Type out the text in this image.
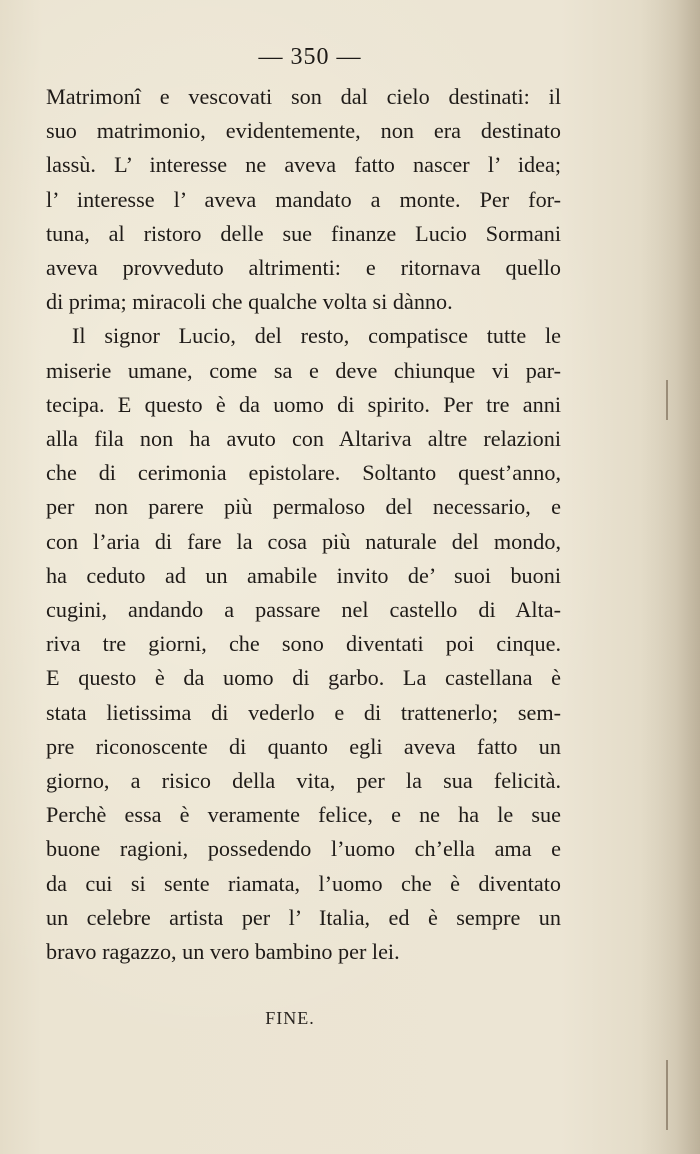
— 350 —
Matrimonî e vescovati son dal cielo destinati: il
suo matrimonio, evidentemente, non era destinato
lassù. L’ interesse ne aveva fatto nascer l’ idea;
l’ interesse l’ aveva mandato a monte. Per for-
tuna, al ristoro delle sue finanze Lucio Sormani
aveva provveduto altrimenti: e ritornava quello
di prima; miracoli che qualche volta si dànno.
Il signor Lucio, del resto, compatisce tutte le
miserie umane, come sa e deve chiunque vi par-
tecipa. E questo è da uomo di spirito. Per tre anni
alla fila non ha avuto con Altariva altre relazioni
che di cerimonia epistolare. Soltanto quest’anno,
per non parere più permaloso del necessario, e
con l’aria di fare la cosa più naturale del mondo,
ha ceduto ad un amabile invito de’ suoi buoni
cugini, andando a passare nel castello di Alta-
riva tre giorni, che sono diventati poi cinque.
E questo è da uomo di garbo. La castellana è
stata lietissima di vederlo e di trattenerlo; sem-
pre riconoscente di quanto egli aveva fatto un
giorno, a risico della vita, per la sua felicità.
Perchè essa è veramente felice, e ne ha le sue
buone ragioni, possedendo l’uomo ch’ella ama e
da cui si sente riamata, l’uomo che è diventato
un celebre artista per l’ Italia, ed è sempre un
bravo ragazzo, un vero bambino per lei.
FINE.
